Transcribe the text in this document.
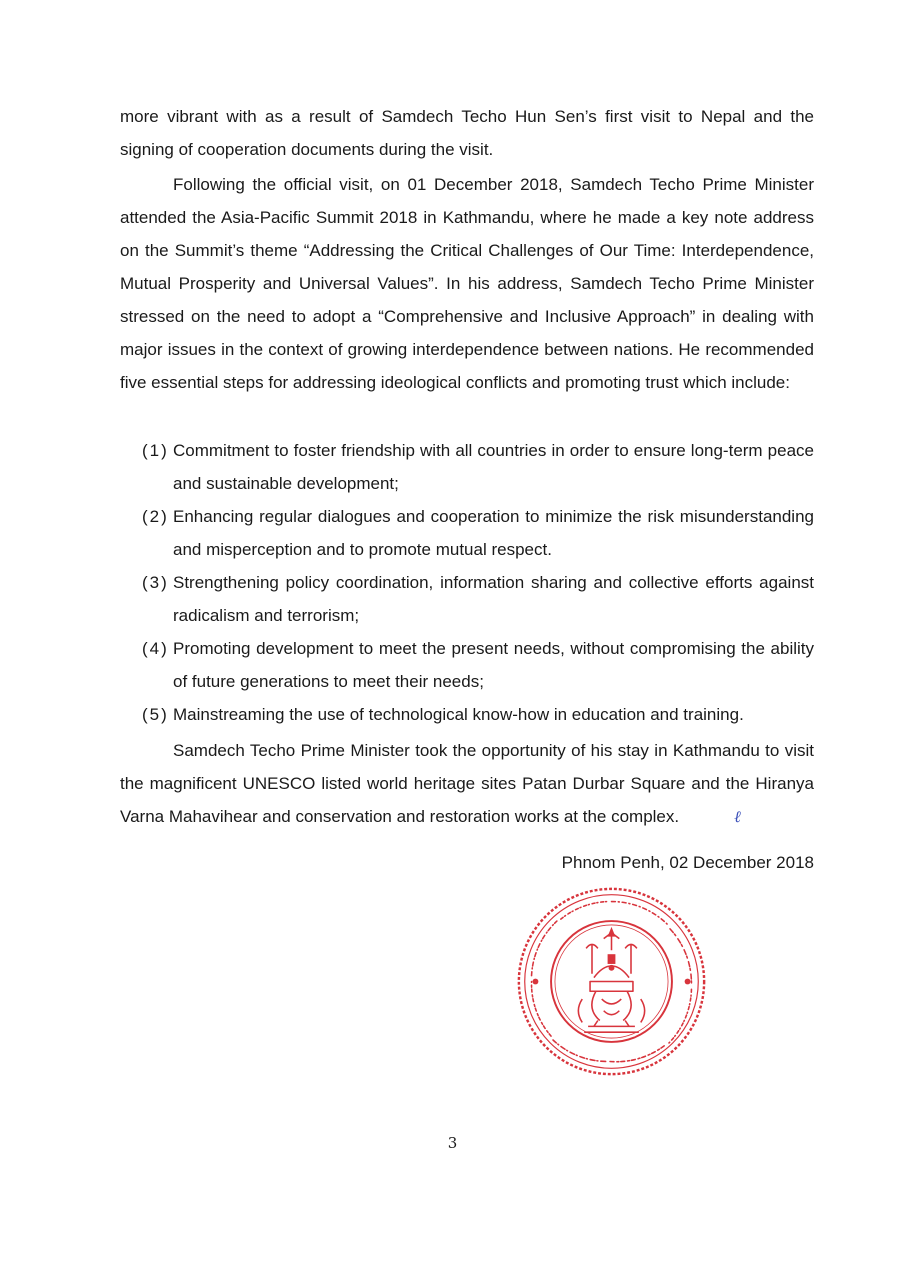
more vibrant with as a result of Samdech Techo Hun Sen’s first visit to Nepal and the signing of cooperation documents during the visit.
Following the official visit, on 01 December 2018, Samdech Techo Prime Minister attended the Asia-Pacific Summit 2018 in Kathmandu, where he made a key note address on the Summit’s theme “Addressing the Critical Challenges of Our Time: Interdependence, Mutual Prosperity and Universal Values”. In his address, Samdech Techo Prime Minister stressed on the need to adopt a “Comprehensive and Inclusive Approach” in dealing with major issues in the context of growing interdependence between nations. He recommended five essential steps for addressing ideological conflicts and promoting trust which include:
(1) Commitment to foster friendship with all countries in order to ensure long-term peace and sustainable development;
(2) Enhancing regular dialogues and cooperation to minimize the risk misunderstanding and misperception and to promote mutual respect.
(3) Strengthening policy coordination, information sharing and collective efforts against radicalism and terrorism;
(4) Promoting development to meet the present needs, without compromising the ability of future generations to meet their needs;
(5) Mainstreaming the use of technological know-how in education and training.
Samdech Techo Prime Minister took the opportunity of his stay in Kathmandu to visit the magnificent UNESCO listed world heritage sites Patan Durbar Square and the Hiranya Varna Mahavihear and conservation and restoration works at the complex.	ℓ
Phnom Penh, 02 December 2018
3
